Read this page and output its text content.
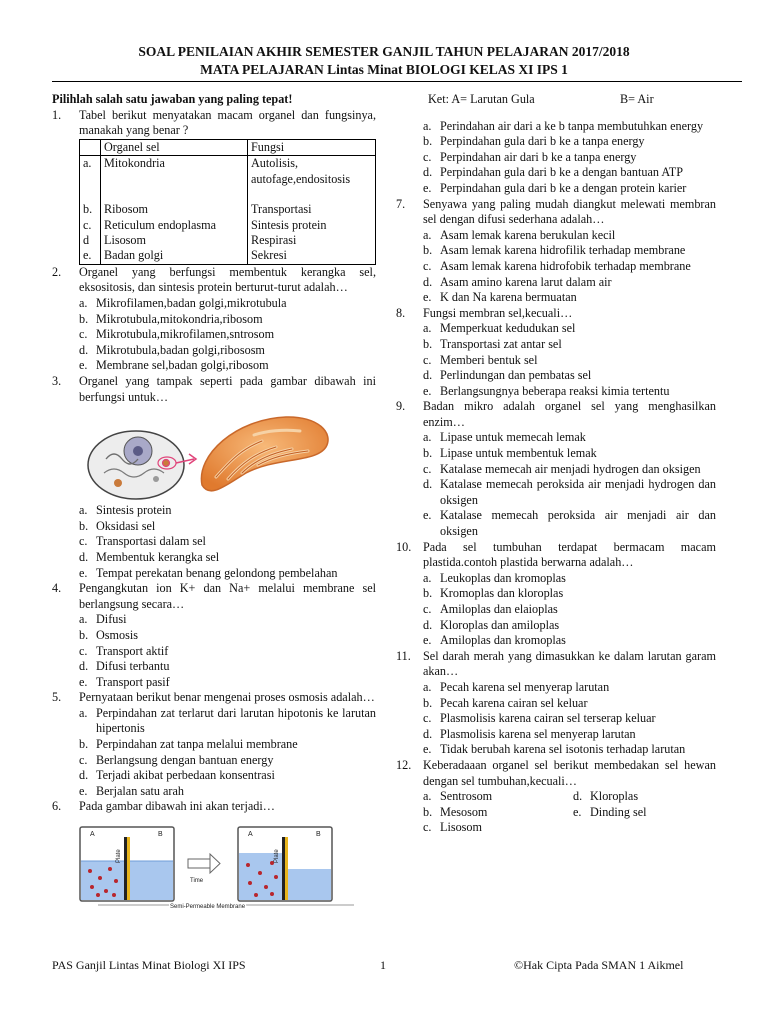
SOAL PENILAIAN AKHIR SEMESTER GANJIL TAHUN PELAJARAN 2017/2018
MATA PELAJARAN Lintas Minat BIOLOGI KELAS XI IPS 1

Pilihlah salah satu jawaban yang paling tepat!

1.	Tabel berikut menyatakan macam organel dan fungsinya, manakah yang benar ?
	Organel sel	Fungsi
a.	Mitokondria	Autolisis, autofage,endositosis
b.	Ribosom	Transportasi
c.	Reticulum endoplasma	Sintesis protein
d	Lisosom	Respirasi
e.	Badan golgi	Sekresi
2.	Organel yang berfungsi membentuk kerangka sel, eksositosis, dan sintesis protein berturut-turut adalah…
a. Mikrofilamen,badan golgi,mikrotubula
b. Mikrotubula,mitokondria,ribosom
c. Mikrotubula,mikrofilamen,sntrosom
d. Mikrotubula,badan golgi,ribososm
e. Membrane sel,badan golgi,ribosom
3.	Organel yang tampak seperti pada gambar dibawah ini berfungsi untuk…
a. Sintesis protein
b. Oksidasi sel
c. Transportasi dalam sel
d. Membentuk kerangka sel
e. Tempat perekatan benang gelondong pembelahan
4.	Pengangkutan ion K+ dan Na+ melalui membrane sel berlangsung secara…
a. Difusi
b. Osmosis
c. Transport aktif
d. Difusi terbantu
e. Transport pasif
5.	Pernyataan berikut benar mengenai proses osmosis adalah…
a. Perpindahan zat terlarut dari larutan hipotonis ke larutan hipertonis
b. Perpindahan zat tanpa melalui membrane
c. Berlangsung dengan bantuan energy
d. Terjadi akibat perbedaan konsentrasi
e. Berjalan satu arah
6.	Pada gambar dibawah ini akan terjadi…
Plate
A	B
Time
Plate
A	B
Semi-Permeable Membrane
Ket: A= Larutan Gula	B= Air
a. Perindahan air dari a ke b tanpa membutuhkan energy
b. Perpindahan gula dari b ke a tanpa energy
c. Perpindahan air dari b ke a tanpa energy
d. Perpindahan gula dari b ke a dengan bantuan ATP
e. Perpindahan gula dari b ke a dengan protein karier
7.	Senyawa yang paling mudah diangkut melewati membran sel dengan difusi sederhana adalah…
a. Asam lemak karena berukulan kecil
b. Asam lemak karena hidrofilik terhadap membrane
c. Asam lemak karena hidrofobik terhadap membrane
d. Asam amino karena larut dalam air
e. K dan Na karena bermuatan
8.	Fungsi membran sel,kecuali…
a. Memperkuat kedudukan sel
b. Transportasi zat antar sel
c. Memberi bentuk sel
d. Perlindungan dan pembatas sel
e. Berlangsungnya beberapa reaksi kimia tertentu
9.	Badan mikro adalah organel sel yang menghasilkan enzim…
a. Lipase untuk memecah lemak
b. Lipase untuk membentuk lemak
c. Katalase memecah air menjadi hydrogen dan oksigen
d. Katalase memecah peroksida air menjadi hydrogen dan oksigen
e. Katalase memecah peroksida air menjadi air dan oksigen
10. Pada sel tumbuhan terdapat bermacam macam plastida.contoh plastida berwarna adalah…
a. Leukoplas dan kromoplas
b. Kromoplas dan kloroplas
c. Amiloplas dan elaioplas
d. Kloroplas dan amiloplas
e. Amiloplas dan kromoplas
11.	Sel darah merah yang dimasukkan ke dalam larutan garam akan…
a. Pecah karena sel menyerap larutan
b. Pecah karena cairan sel keluar
c. Plasmolisis karena cairan sel terserap keluar
d. Plasmolisis karena sel menyerap larutan
e. Tidak berubah karena sel isotonis terhadap larutan
12. Keberadaaan organel sel berikut membedakan sel hewan dengan sel tumbuhan,kecuali…
a. Sentrosom	d. Kloroplas
b. Mesosom	e. Dinding sel
c. Lisosom
PAS Ganjil Lintas Minat Biologi XI IPS	1	©Hak Cipta Pada SMAN 1 Aikmel
